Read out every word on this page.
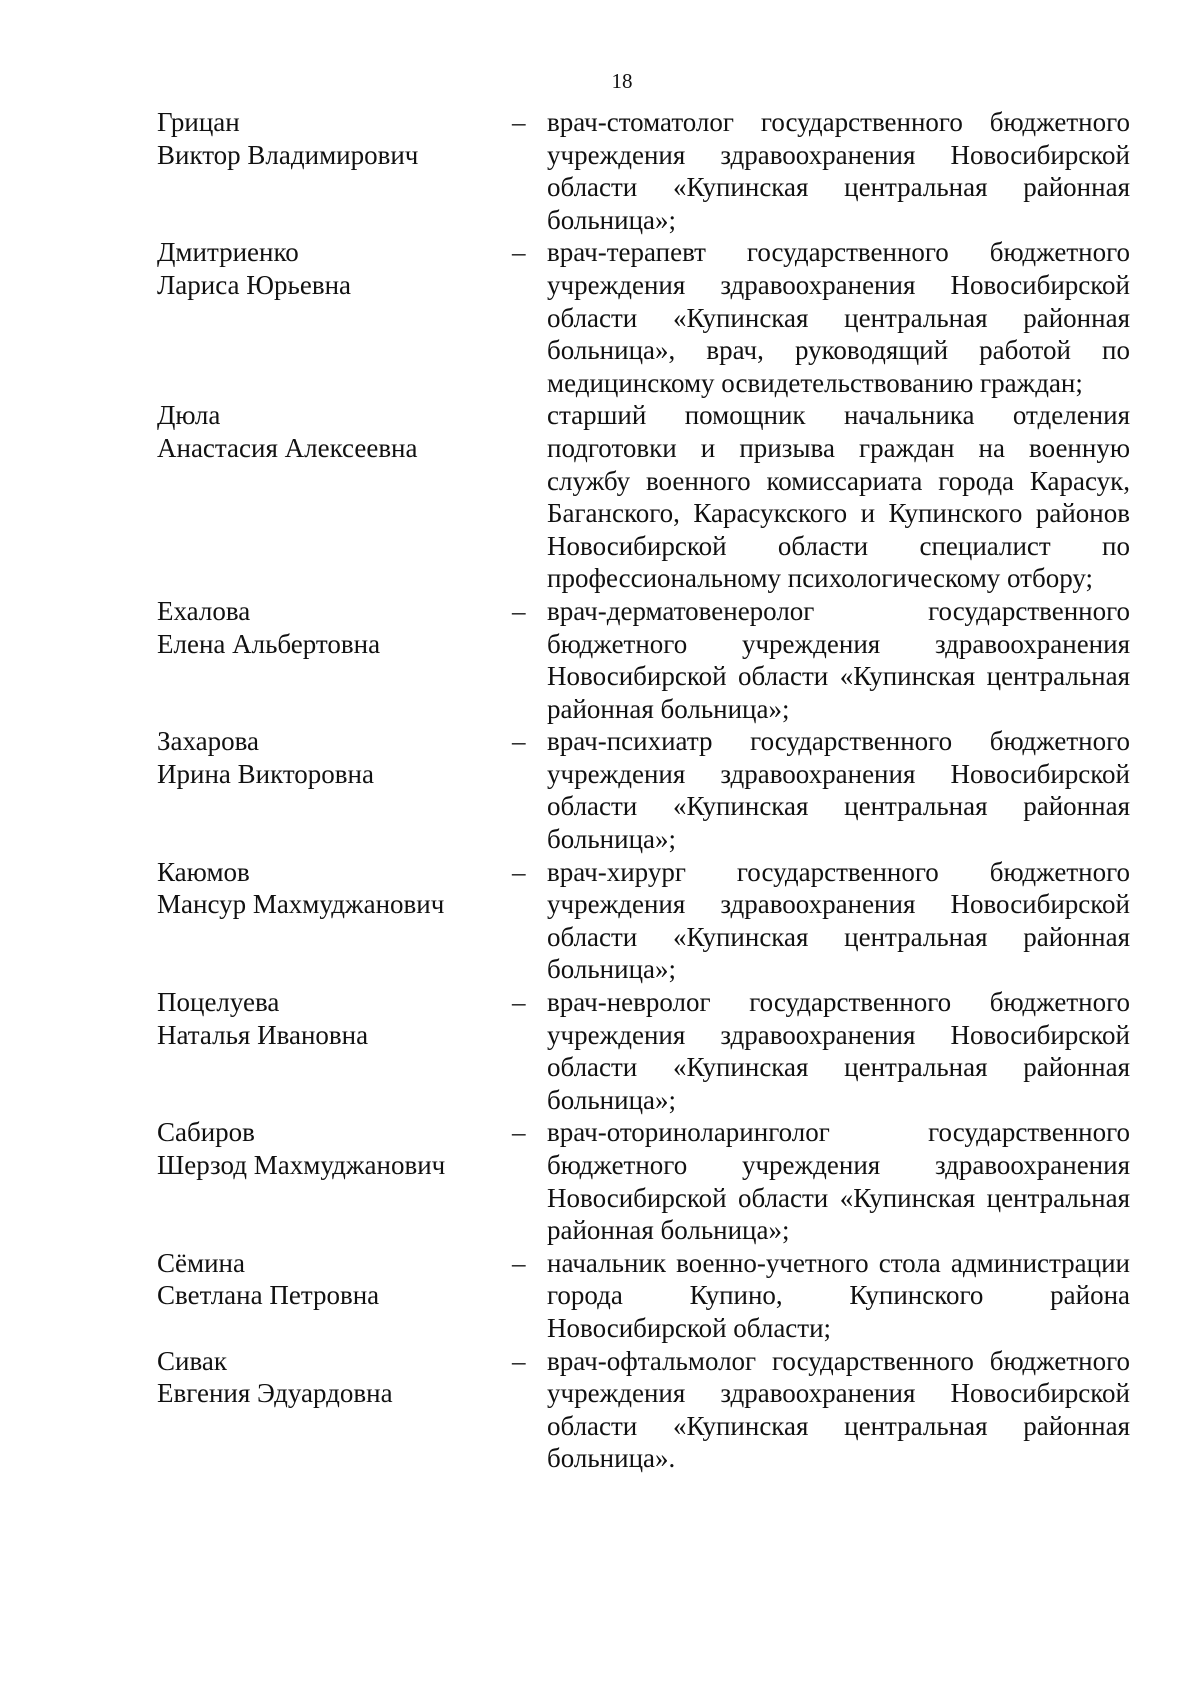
18
Грицан
Виктор Владимирович
– врач-стоматолог государственного бюджетного учреждения здравоохранения Новосибирской области «Купинская центральная районная больница»;
Дмитриенко
Лариса Юрьевна
– врач-терапевт государственного бюджетного учреждения здравоохранения Новосибирской области «Купинская центральная районная больница», врач, руководящий работой по медицинскому освидетельствованию граждан;
Дюла
Анастасия Алексеевна
старший помощник начальника отделения подготовки и призыва граждан на военную службу военного комиссариата города Карасук, Баганского, Карасукского и Купинского районов Новосибирской области специалист по профессиональному психологическому отбору;
Ехалова
Елена Альбертовна
– врач-дерматовенеролог государственного бюджетного учреждения здравоохранения Новосибирской области «Купинская центральная районная больница»;
Захарова
Ирина Викторовна
– врач-психиатр государственного бюджетного учреждения здравоохранения Новосибирской области «Купинская центральная районная больница»;
Каюмов
Мансур Махмуджанович
– врач-хирург государственного бюджетного учреждения здравоохранения Новосибирской области «Купинская центральная районная больница»;
Поцелуева
Наталья Ивановна
– врач-невролог государственного бюджетного учреждения здравоохранения Новосибирской области «Купинская центральная районная больница»;
Сабиров
Шерзод Махмуджанович
– врач-оториноларинголог государственного бюджетного учреждения здравоохранения Новосибирской области «Купинская центральная районная больница»;
Сёмина
Светлана Петровна
– начальник военно-учетного стола администрации города Купино, Купинского района Новосибирской области;
Сивак
Евгения Эдуардовна
– врач-офтальмолог государственного бюджетного учреждения здравоохранения Новосибирской области «Купинская центральная районная больница».
